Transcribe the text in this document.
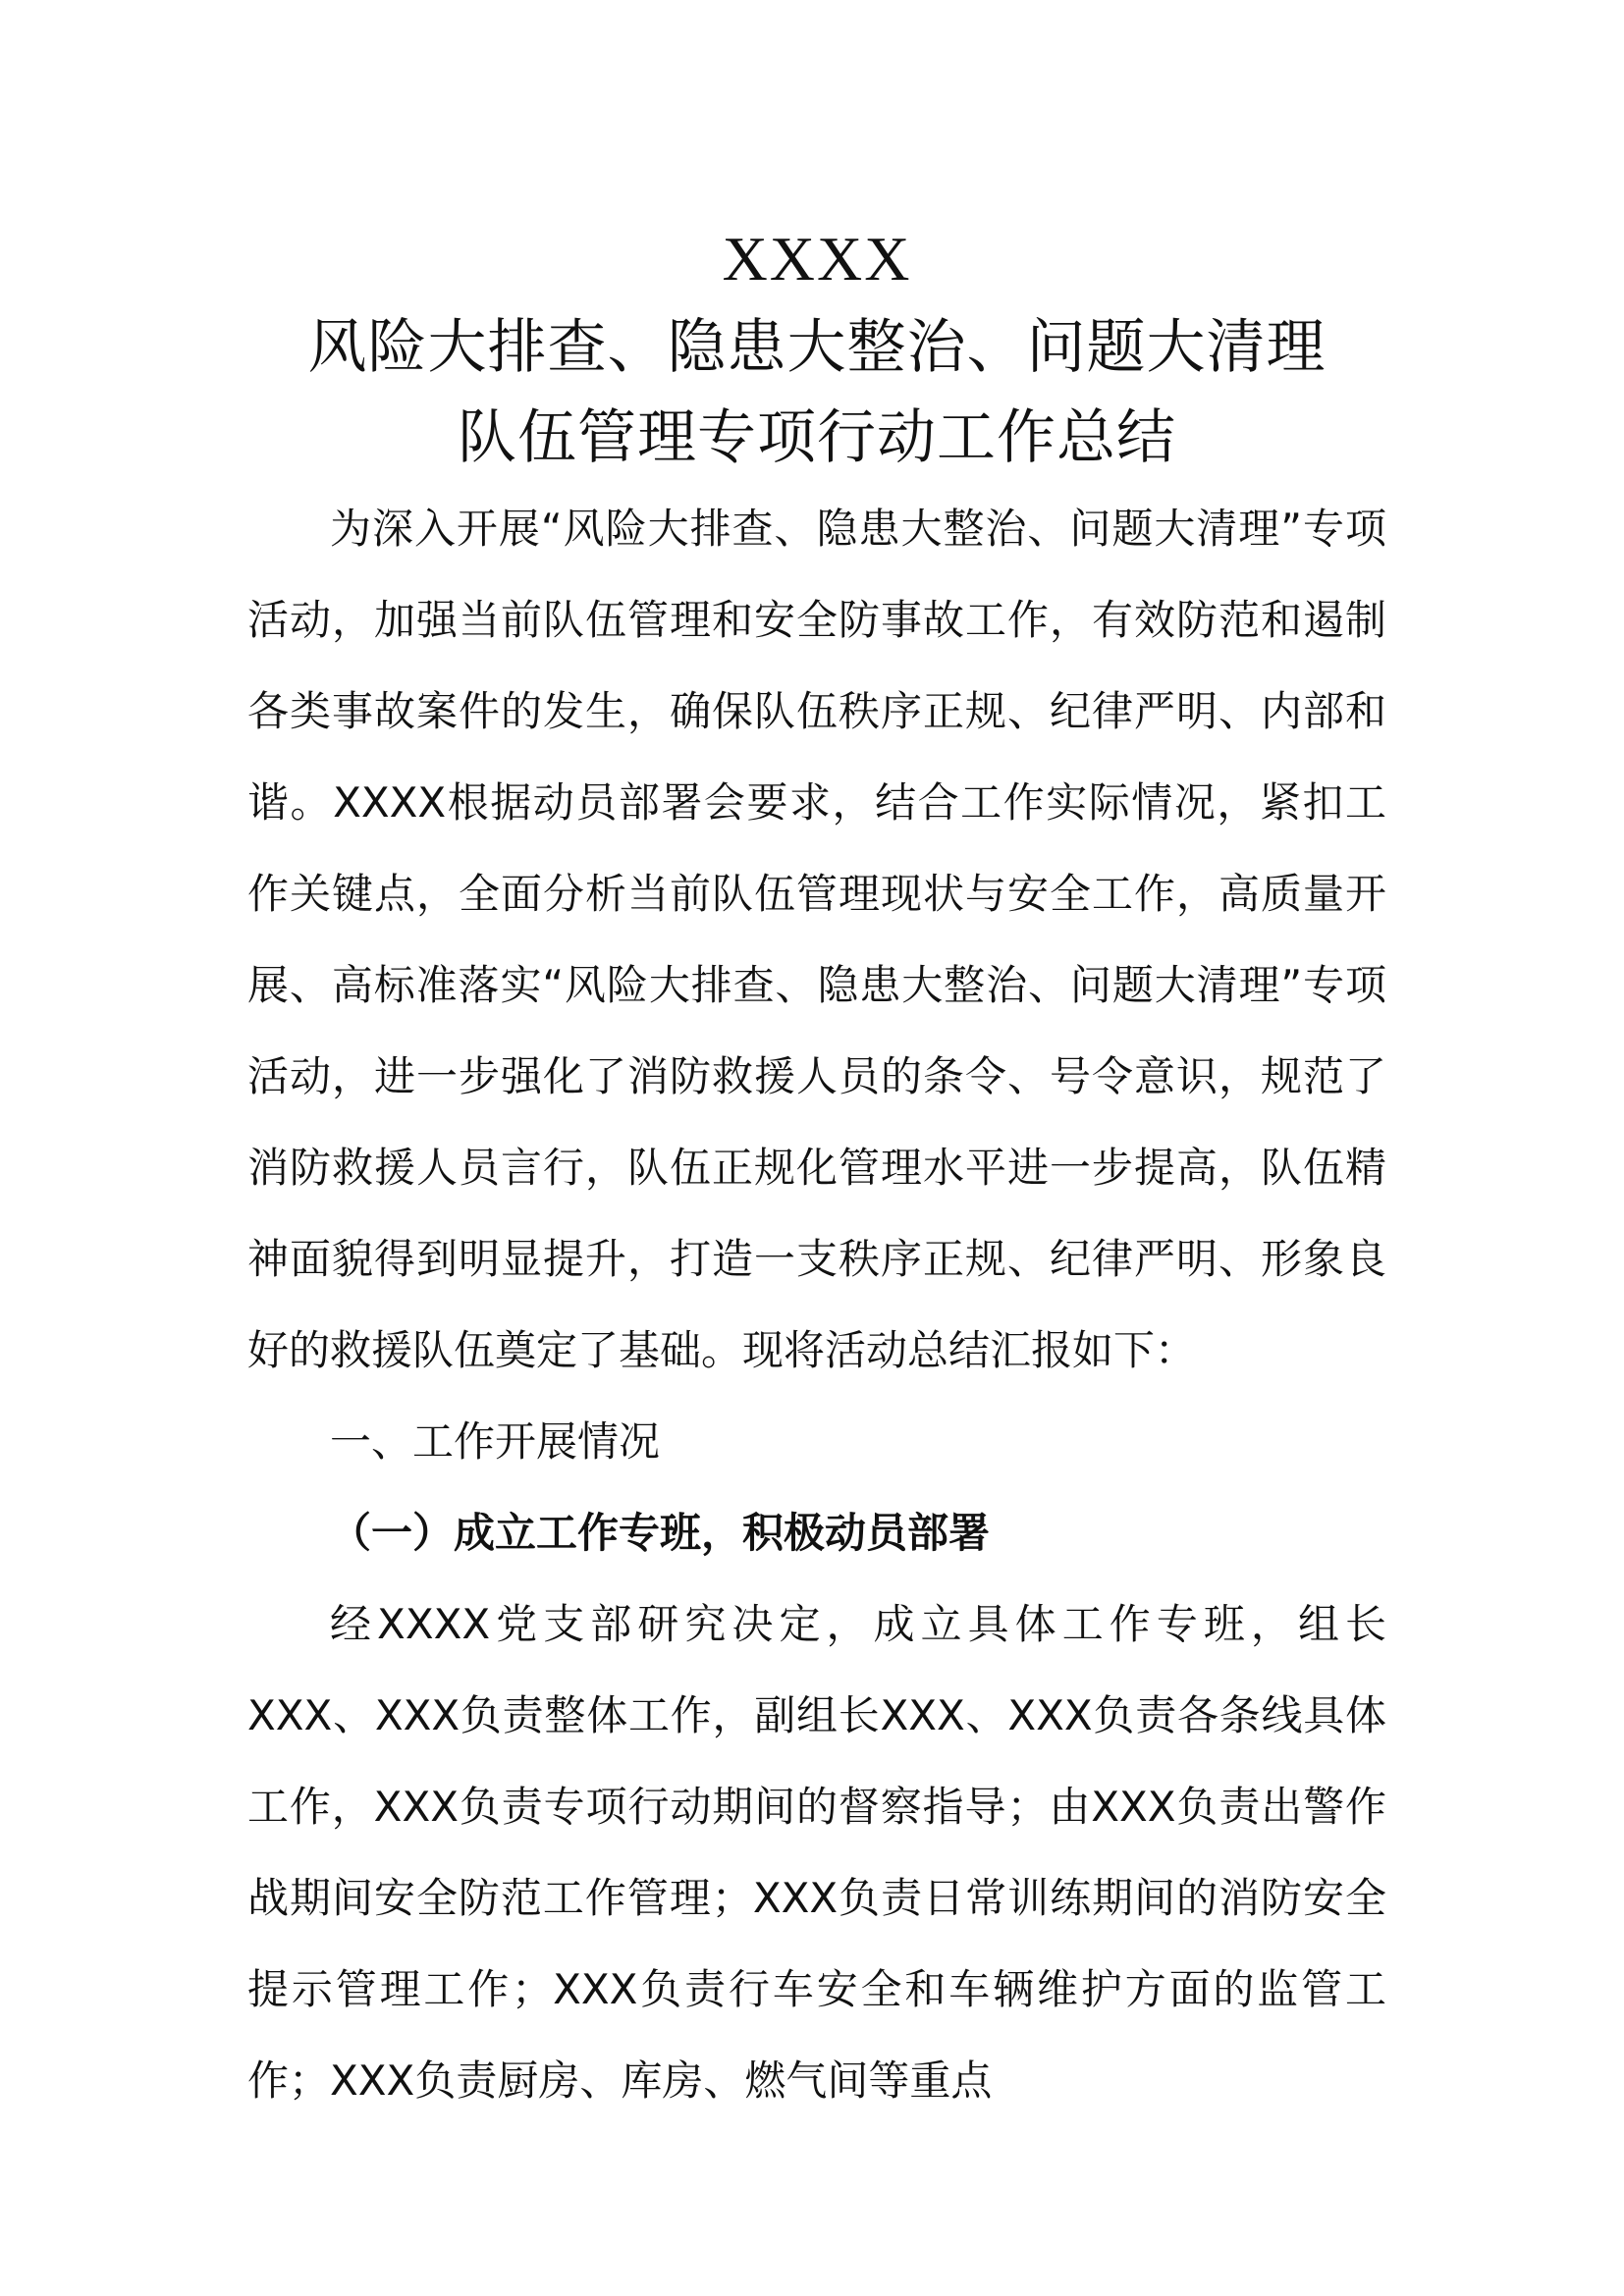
XXXX
风险大排查、隐患大整治、问题大清理
队伍管理专项行动工作总结

为深入开展“风险大排查、隐患大整治、问题大清理”专项活动，加强当前队伍管理和安全防事故工作，有效防范和遏制各类事故案件的发生，确保队伍秩序正规、纪律严明、内部和谐。XXXX根据动员部署会要求，结合工作实际情况，紧扣工作关键点，全面分析当前队伍管理现状与安全工作，高质量开展、高标准落实“风险大排查、隐患大整治、问题大清理”专项活动，进一步强化了消防救援人员的条令、号令意识，规范了消防救援人员言行，队伍正规化管理水平进一步提高，队伍精神面貌得到明显提升，打造一支秩序正规、纪律严明、形象良好的救援队伍奠定了基础。现将活动总结汇报如下：

一、工作开展情况

（一）成立工作专班，积极动员部署

经XXXX党支部研究决定，成立具体工作专班，组长XXX、XXX负责整体工作，副组长XXX、XXX负责各条线具体工作，XXX负责专项行动期间的督察指导；由XXX负责出警作战期间安全防范工作管理；XXX负责日常训练期间的消防安全提示管理工作；XXX负责行车安全和车辆维护方面的监管工作；XXX负责厨房、库房、燃气间等重点
